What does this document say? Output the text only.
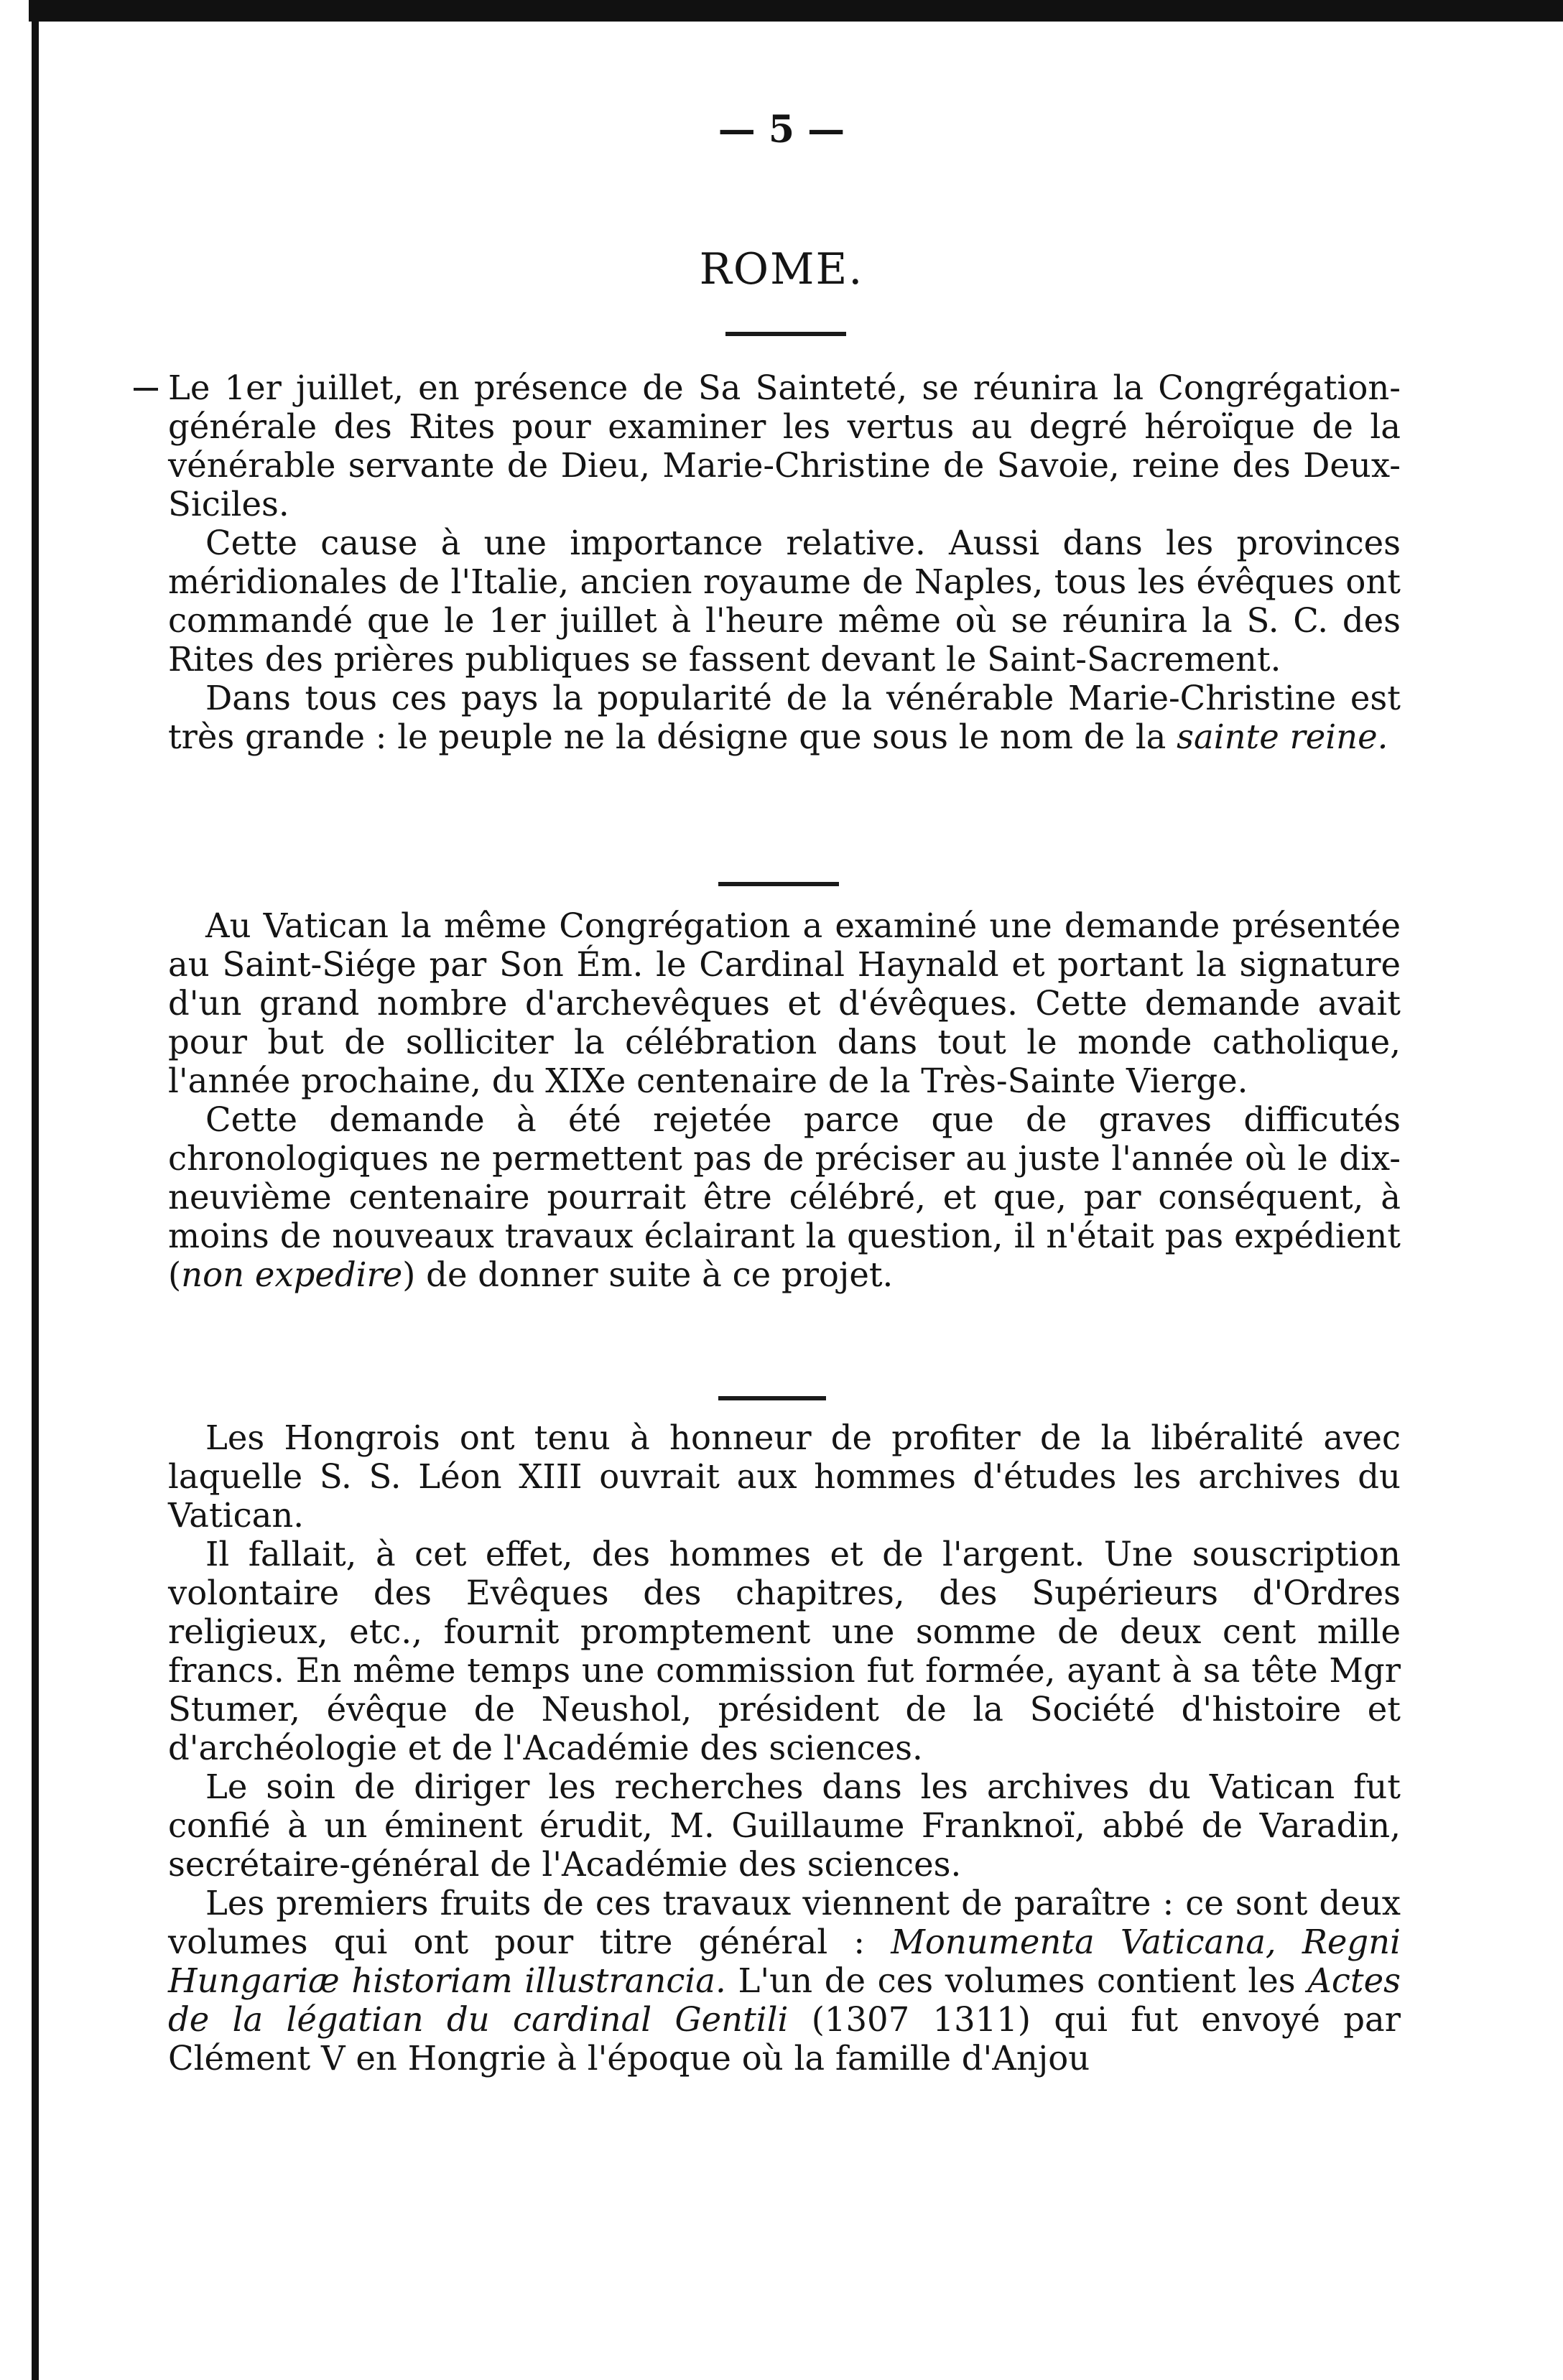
— 5 —
ROME.

Le 1er juillet, en présence de Sa Sainteté, se réunira la Congrégation-générale des Rites pour examiner les vertus au degré héroïque de la vénérable servante de Dieu, Marie-Christine de Savoie, reine des Deux-Siciles.

Cette cause à une importance relative. Aussi dans les provinces méridionales de l'Italie, ancien royaume de Naples, tous les évêques ont commandé que le 1er juillet à l'heure même où se réunira la S. C. des Rites des prières publiques se fassent devant le Saint-Sacrement.

Dans tous ces pays la popularité de la vénérable Marie-Christine est très grande : le peuple ne la désigne que sous le nom de la sainte reine.

Au Vatican la même Congrégation a examiné une demande présentée au Saint-Siége par Son Ém. le Cardinal Haynald et portant la signature d'un grand nombre d'archevêques et d'évêques. Cette demande avait pour but de solliciter la célébration dans tout le monde catholique, l'année prochaine, du XIXe centenaire de la Très-Sainte Vierge.

Cette demande à été rejetée parce que de graves difficutés chronologiques ne permettent pas de préciser au juste l'année où le dix-neuvième centenaire pourrait être célébré, et que, par conséquent, à moins de nouveaux travaux éclairant la question, il n'était pas expédient (non expedire) de donner suite à ce projet.

Les Hongrois ont tenu à honneur de profiter de la libéralité avec laquelle S. S. Léon XIII ouvrait aux hommes d'études les archives du Vatican.

Il fallait, à cet effet, des hommes et de l'argent. Une souscription volontaire des Evêques des chapitres, des Supérieurs d'Ordres religieux, etc., fournit promptement une somme de deux cent mille francs. En même temps une commission fut formée, ayant à sa tête Mgr Stumer, évêque de Neushol, président de la Société d'histoire et d'archéologie et de l'Académie des sciences.

Le soin de diriger les recherches dans les archives du Vatican fut confié à un éminent érudit, M. Guillaume Franknoï, abbé de Varadin, secrétaire-général de l'Académie des sciences.

Les premiers fruits de ces travaux viennent de paraître : ce sont deux volumes qui ont pour titre général : Monumenta Vaticana, Regni Hungariæ historiam illustrancia. L'un de ces volumes contient les Actes de la légatian du cardinal Gentili (1307 1311) qui fut envoyé par Clément V en Hongrie à l'époque où la famille d'Anjou
